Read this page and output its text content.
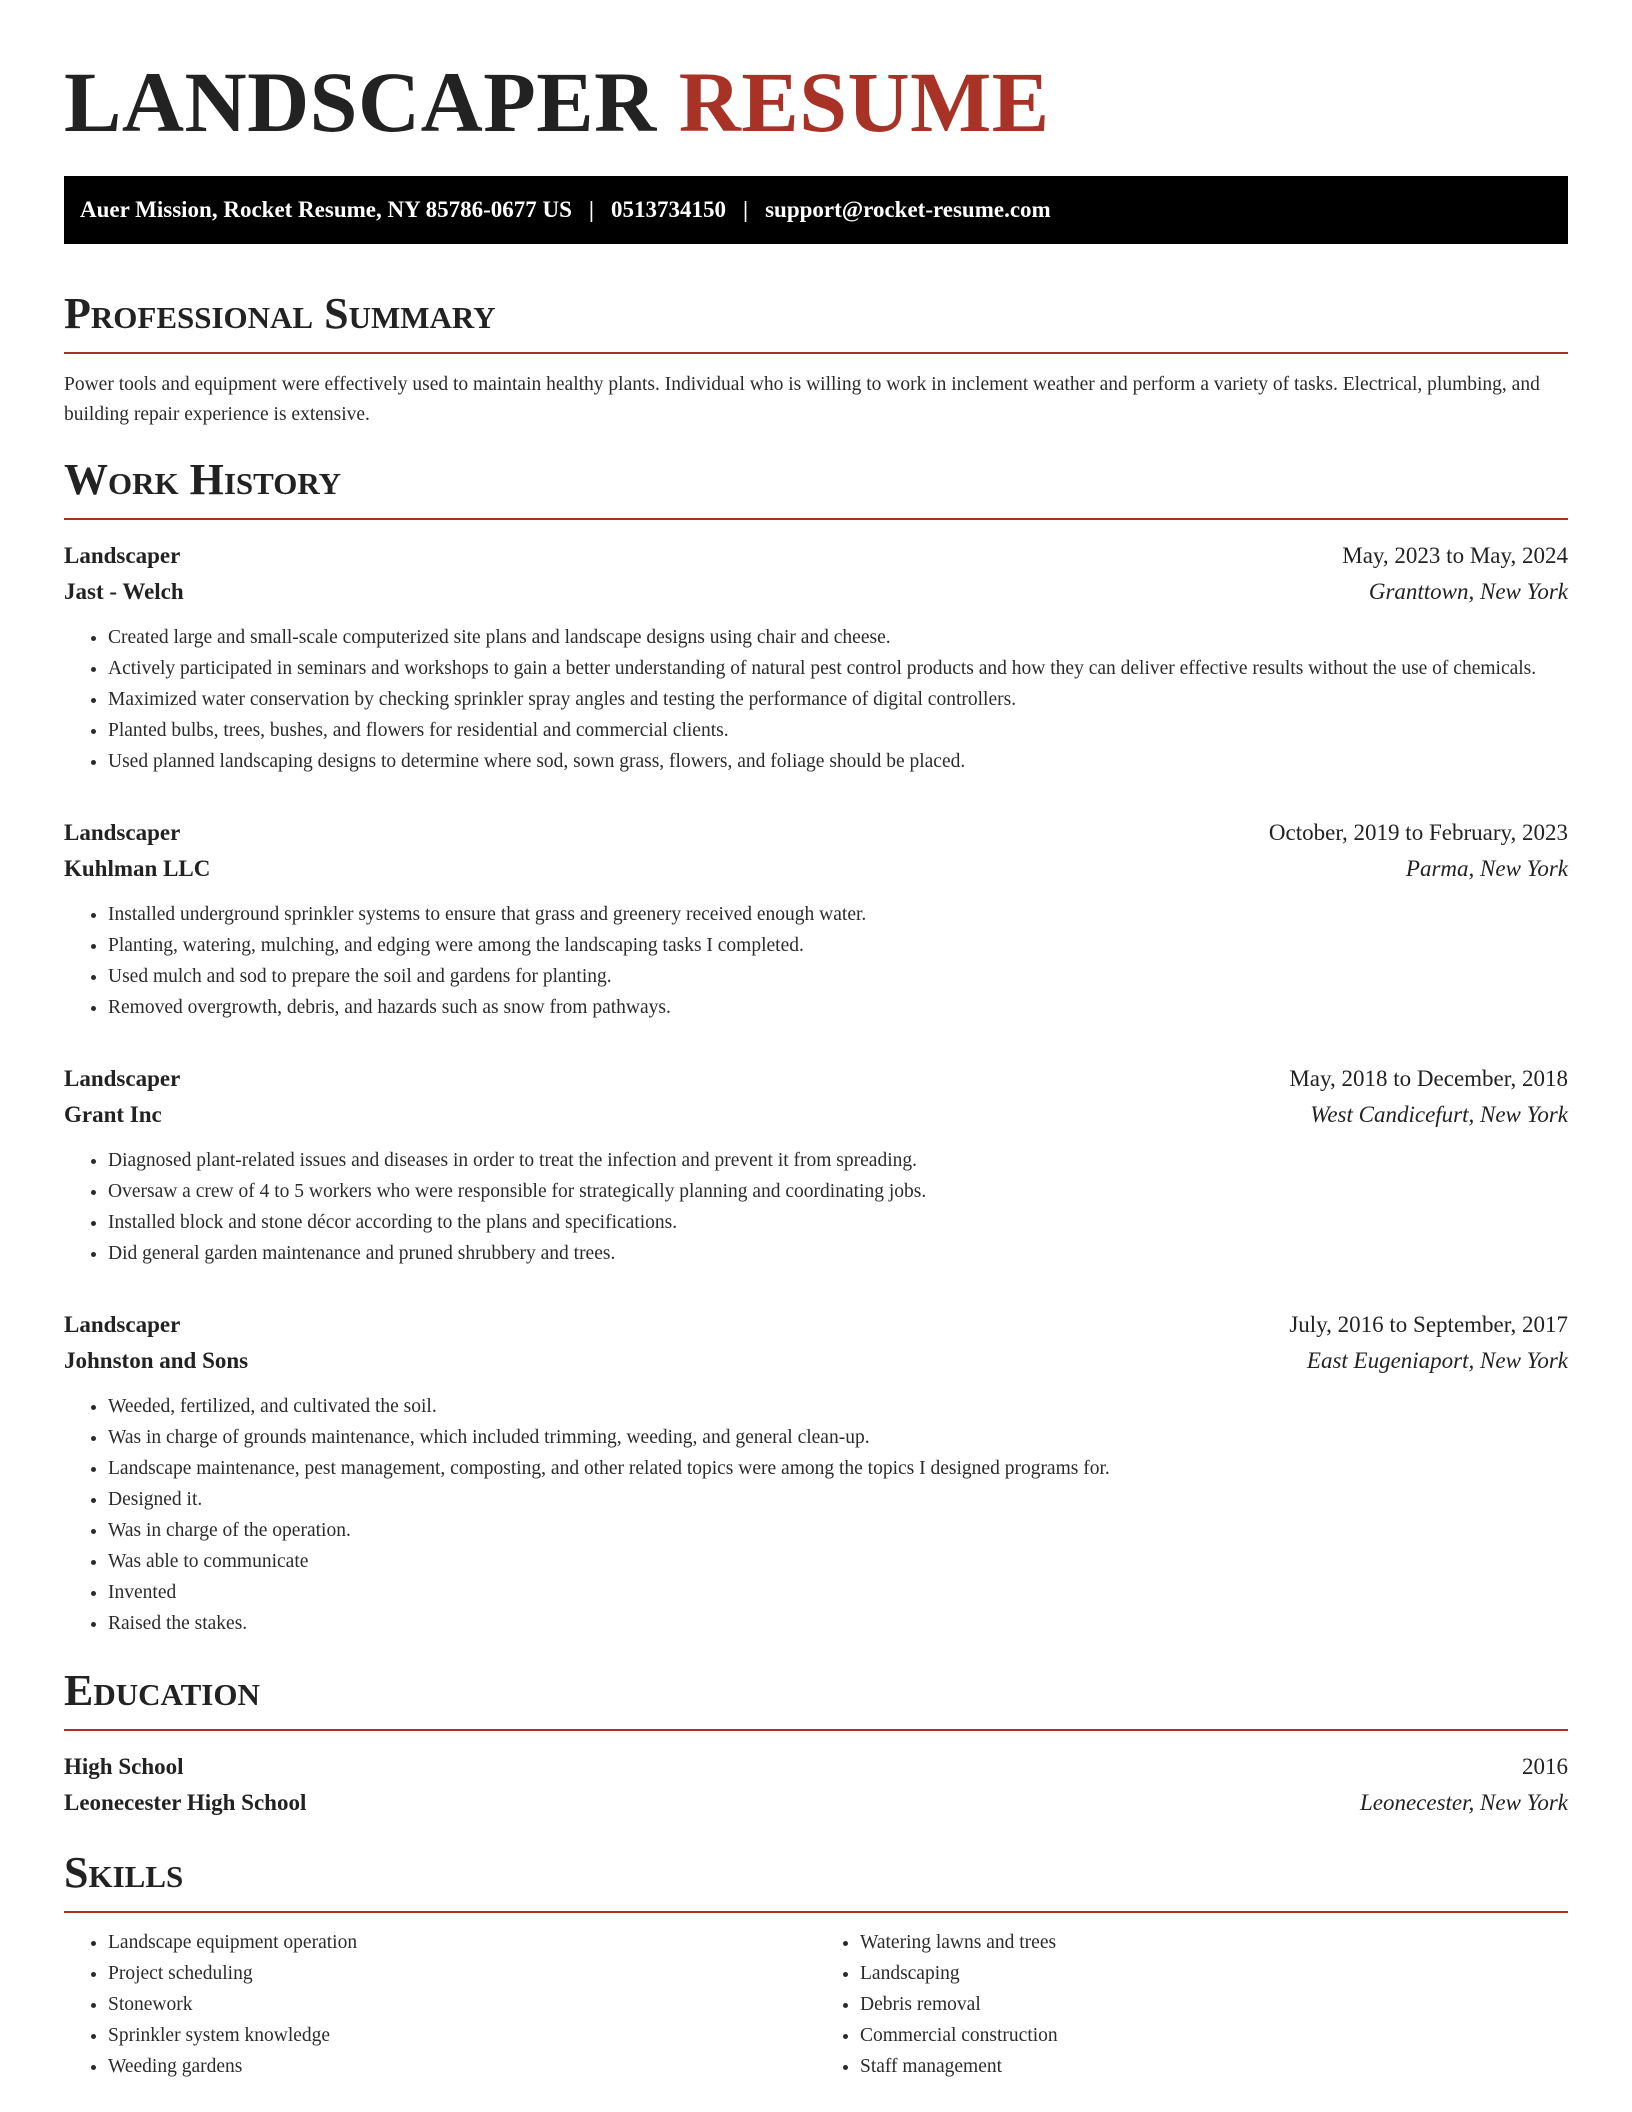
LANDSCAPER RESUME
Auer Mission, Rocket Resume, NY 85786-0677 US | 0513734150 | support@rocket-resume.com
Professional Summary

Power tools and equipment were effectively used to maintain healthy plants. Individual who is willing to work in inclement weather and perform a variety of tasks. Electrical, plumbing, and building repair experience is extensive.

Work History
Landscaper	May, 2023 to May, 2024
Jast - Welch	Granttown, New York
• Created large and small-scale computerized site plans and landscape designs using chair and cheese.
• Actively participated in seminars and workshops to gain a better understanding of natural pest control products and how they can deliver effective results without the use of chemicals.
• Maximized water conservation by checking sprinkler spray angles and testing the performance of digital controllers.
• Planted bulbs, trees, bushes, and flowers for residential and commercial clients.
• Used planned landscaping designs to determine where sod, sown grass, flowers, and foliage should be placed.
Landscaper	October, 2019 to February, 2023
Kuhlman LLC	Parma, New York
• Installed underground sprinkler systems to ensure that grass and greenery received enough water.
• Planting, watering, mulching, and edging were among the landscaping tasks I completed.
• Used mulch and sod to prepare the soil and gardens for planting.
• Removed overgrowth, debris, and hazards such as snow from pathways.
Landscaper	May, 2018 to December, 2018
Grant Inc	West Candicefurt, New York
• Diagnosed plant-related issues and diseases in order to treat the infection and prevent it from spreading.
• Oversaw a crew of 4 to 5 workers who were responsible for strategically planning and coordinating jobs.
• Installed block and stone décor according to the plans and specifications.
• Did general garden maintenance and pruned shrubbery and trees.
Landscaper	July, 2016 to September, 2017
Johnston and Sons	East Eugeniaport, New York
• Weeded, fertilized, and cultivated the soil.
• Was in charge of grounds maintenance, which included trimming, weeding, and general clean-up.
• Landscape maintenance, pest management, composting, and other related topics were among the topics I designed programs for.
• Designed it.
• Was in charge of the operation.
• Was able to communicate
• Invented
• Raised the stakes.
Education
High School	2016
Leonecester High School	Leonecester, New York
Skills
• Landscape equipment operation
• Project scheduling
• Stonework
• Sprinkler system knowledge
• Weeding gardens
• Watering lawns and trees
• Landscaping
• Debris removal
• Commercial construction
• Staff management
